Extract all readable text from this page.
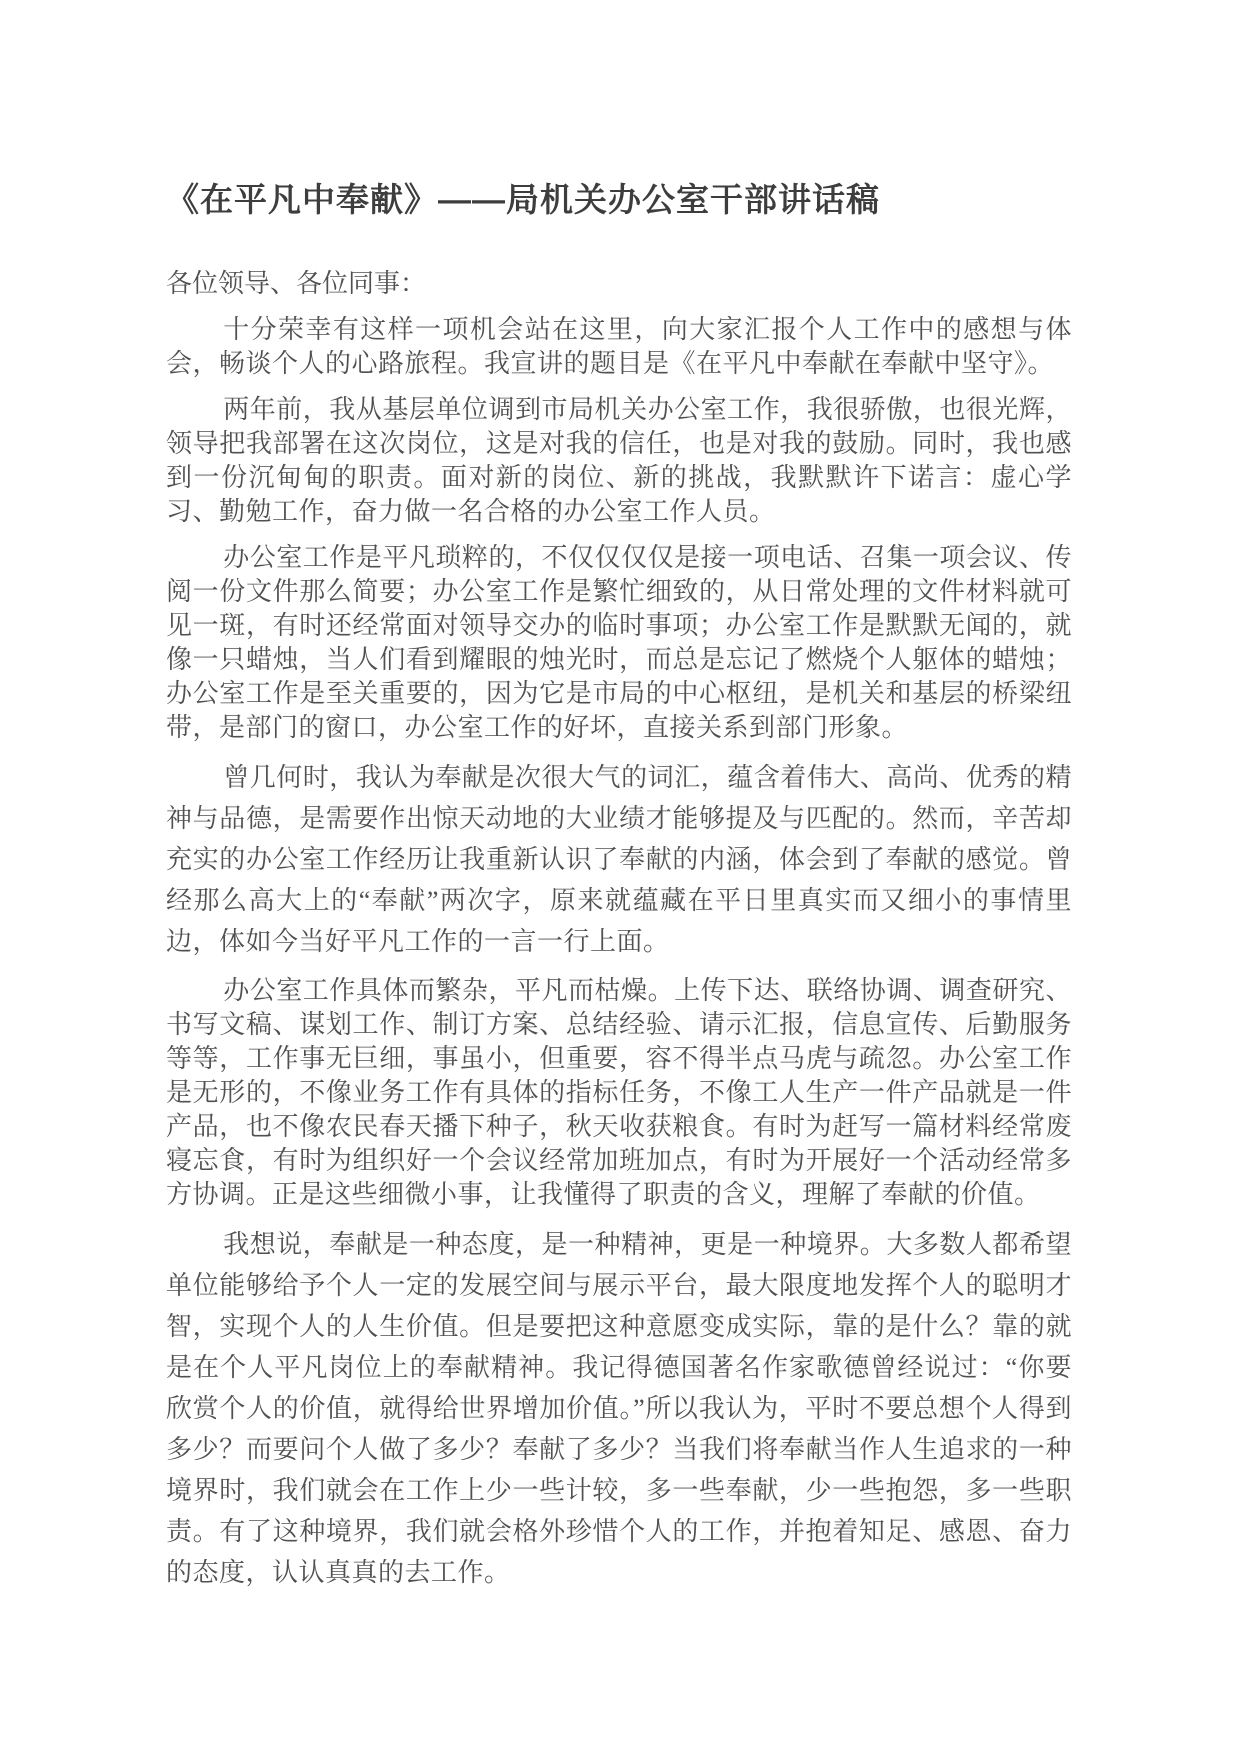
《在平凡中奉献》——局机关办公室干部讲话稿

各位领导、各位同事：

十分荣幸有这样一项机会站在这里，向大家汇报个人工作中的感想与体会，畅谈个人的心路旅程。我宣讲的题目是《在平凡中奉献在奉献中坚守》。

两年前，我从基层单位调到市局机关办公室工作，我很骄傲，也很光辉，领导把我部署在这次岗位，这是对我的信任，也是对我的鼓励。同时，我也感到一份沉甸甸的职责。面对新的岗位、新的挑战，我默默许下诺言：虚心学习、勤勉工作，奋力做一名合格的办公室工作人员。

办公室工作是平凡琐粹的，不仅仅仅仅是接一项电话、召集一项会议、传阅一份文件那么简要；办公室工作是繁忙细致的，从日常处理的文件材料就可见一斑，有时还经常面对领导交办的临时事项；办公室工作是默默无闻的，就像一只蜡烛，当人们看到耀眼的烛光时，而总是忘记了燃烧个人躯体的蜡烛；办公室工作是至关重要的，因为它是市局的中心枢纽，是机关和基层的桥梁纽带，是部门的窗口，办公室工作的好坏，直接关系到部门形象。

曾几何时，我认为奉献是次很大气的词汇，蕴含着伟大、高尚、优秀的精神与品德，是需要作出惊天动地的大业绩才能够提及与匹配的。然而，辛苦却充实的办公室工作经历让我重新认识了奉献的内涵，体会到了奉献的感觉。曾经那么高大上的“奉献”两次字，原来就蕴藏在平日里真实而又细小的事情里边，体如今当好平凡工作的一言一行上面。

办公室工作具体而繁杂，平凡而枯燥。上传下达、联络协调、调查研究、书写文稿、谋划工作、制订方案、总结经验、请示汇报，信息宣传、后勤服务等等，工作事无巨细，事虽小，但重要，容不得半点马虎与疏忽。办公室工作是无形的，不像业务工作有具体的指标任务，不像工人生产一件产品就是一件产品，也不像农民春天播下种子，秋天收获粮食。有时为赶写一篇材料经常废寝忘食，有时为组织好一个会议经常加班加点，有时为开展好一个活动经常多方协调。正是这些细微小事，让我懂得了职责的含义，理解了奉献的价值。

我想说，奉献是一种态度，是一种精神，更是一种境界。大多数人都希望单位能够给予个人一定的发展空间与展示平台，最大限度地发挥个人的聪明才智，实现个人的人生价值。但是要把这种意愿变成实际，靠的是什么？靠的就是在个人平凡岗位上的奉献精神。我记得德国著名作家歌德曾经说过：“你要欣赏个人的价值，就得给世界增加价值。”所以我认为，平时不要总想个人得到多少？而要问个人做了多少？奉献了多少？当我们将奉献当作人生追求的一种境界时，我们就会在工作上少一些计较，多一些奉献，少一些抱怨，多一些职责。有了这种境界，我们就会格外珍惜个人的工作，并抱着知足、感恩、奋力的态度，认认真真的去工作。
